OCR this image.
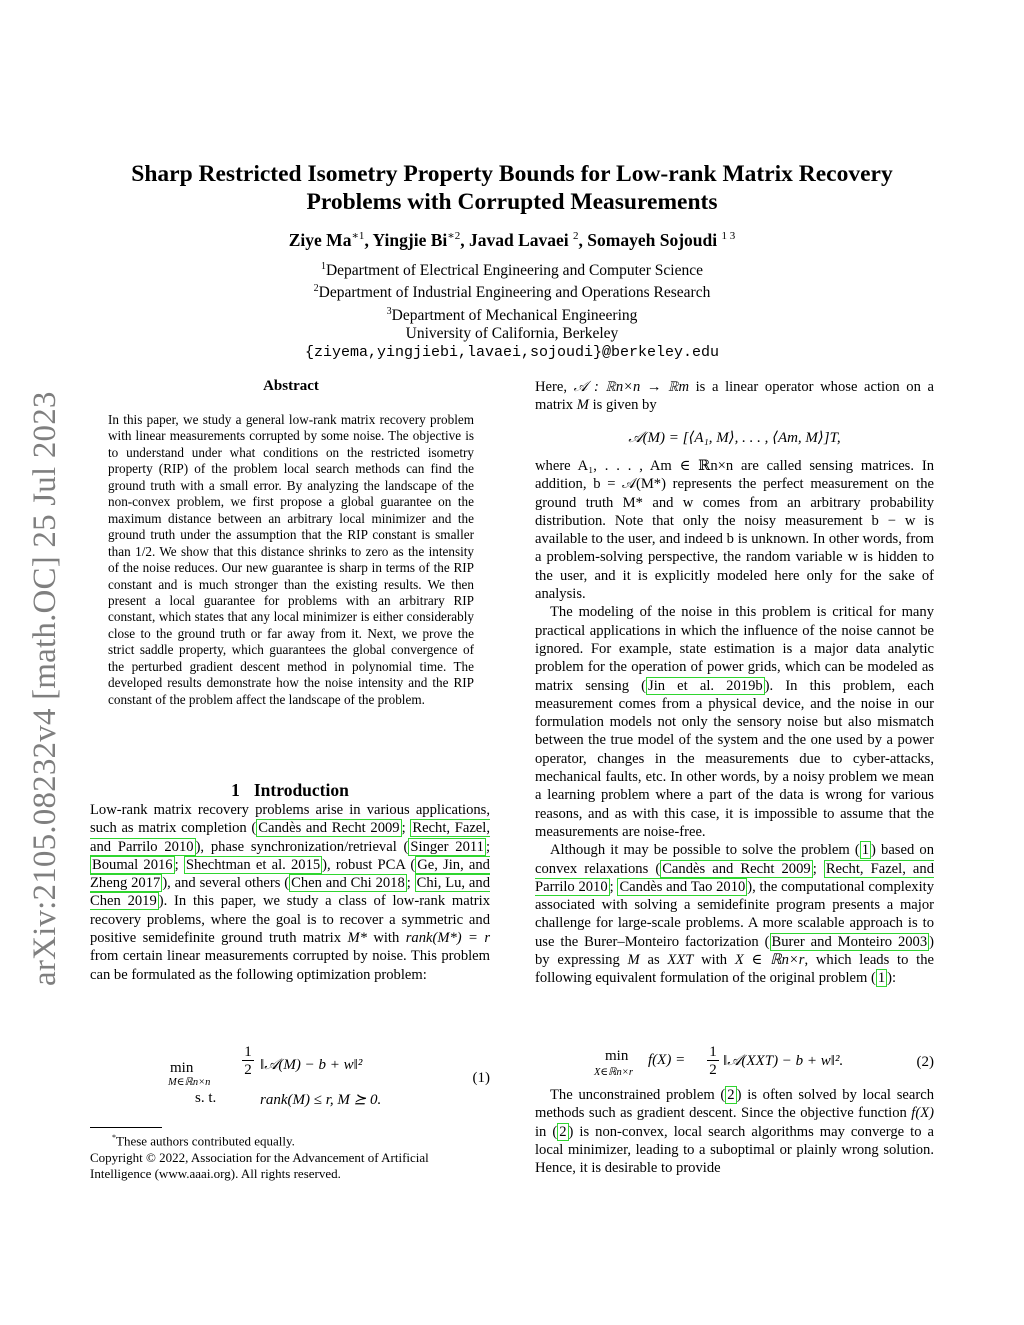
arXiv:2105.08232v4 [math.OC] 25 Jul 2023
Sharp Restricted Isometry Property Bounds for Low-rank Matrix Recovery
Problems with Corrupted Measurements
Ziye $Ma^{∗1}$, Yingjie $Bi^{∗2}$, Javad Lavaei $^2$, Somayeh Sojoudi $^{1 3}$
$^1$Department of Electrical Engineering and Computer Science
$^2$Department of Industrial Engineering and Operations Research
$^3$Department of Mechanical Engineering
University of California, Berkeley
{ziyema,yingjiebi,lavaei,sojoudi}@berkeley.edu
Abstract

In this paper, we study a general low-rank matrix recovery problem with linear measurements corrupted by some noise. The objective is to understand under what conditions on the restricted isometry property (RIP) of the problem local search methods can find the ground truth with a small error. By analyzing the landscape of the non-convex problem, we first propose a global guarantee on the maximum distance between an arbitrary local minimizer and the ground truth under the assumption that the RIP constant is smaller than 1/2. We show that this distance shrinks to zero as the intensity of the noise reduces. Our new guarantee is sharp in terms of the RIP constant and is much stronger than the existing results. We then present a local guarantee for problems with an arbitrary RIP constant, which states that any local minimizer is either considerably close to the ground truth or far away from it. Next, we prove the strict saddle property, which guarantees the global convergence of the perturbed gradient descent method in polynomial time. The developed results demonstrate how the noise intensity and the RIP constant of the problem affect the landscape of the problem.

1 Introduction

Low-rank matrix recovery problems arise in various applications, such as matrix completion ( Candès and Recht 2009 ; Recht, Fazel, and Parrilo 2010 ), phase synchronization/retrieval ( Singer 2011 ; Boumal 2016 ; Shechtman et al. 2015 ), robust PCA ( Ge, Jin, and Zheng 2017 ), and several others ( Chen and Chi 2018 ; Chi, Lu, and Chen 2019 ). In this paper, we study a class of low-rank matrix recovery problems, where the goal is to recover a symmetric and positive semidefinite ground truth matrix M* with rank(M*) = r from certain linear measurements corrupted by noise. This problem can be formulated as the following optimization problem:

min
M∈ℝn×n
$\frac{1}{2}$ ‖𝒜(M) − b + w‖²
s. t.	rank(M) ≤ r, M ⪰ 0.
(1)
*These authors contributed equally.
Copyright © 2022, Association for the Advancement of Artificial Intelligence (www.aaai.org). All rights reserved.

Here, 𝒜 : ℝn×n → ℝm is a linear operator whose action on a matrix M is given by

𝒜(M) = [⟨A₁, M⟩, . . . , ⟨Am, M⟩]T,

where A₁, . . . , Am ∈ ℝn×n are called sensing matrices. In addition, b = 𝒜(M*) represents the perfect measurement on the ground truth M* and w comes from an arbitrary probability distribution. Note that only the noisy measurement b − w is available to the user, and indeed b is unknown. In other words, from a problem-solving perspective, the random variable w is hidden to the user, and it is explicitly modeled here only for the sake of analysis.

The modeling of the noise in this problem is critical for many practical applications in which the influence of the noise cannot be ignored. For example, state estimation is a major data analytic problem for the operation of power grids, which can be modeled as matrix sensing ( Jin et al. 2019b ). In this problem, each measurement comes from a physical device, and the noise in our formulation models not only the sensory noise but also mismatch between the true model of the system and the one used by a power operator, changes in the measurements due to cyber-attacks, mechanical faults, etc. In other words, by a noisy problem we mean a learning problem where a part of the data is wrong for various reasons, and as with this case, it is impossible to assume that the measurements are noise-free.

Although it may be possible to solve the problem ( 1 ) based on convex relaxations ( Candès and Recht 2009 ; Recht, Fazel, and Parrilo 2010 ; Candès and Tao 2010 ), the computational complexity associated with solving a semidefinite program presents a major challenge for large-scale problems. A more scalable approach is to use the Burer–Monteiro factorization ( Burer and Monteiro 2003 ) by expressing M as XXT with X ∈ ℝn×r, which leads to the following equivalent formulation of the original problem ( 1 ):

min
X∈ℝn×r
$f(X) = \frac{1}{2}$ ‖𝒜(XXT) − b + w‖².	(2)

The unconstrained problem ( 2 ) is often solved by local search methods such as gradient descent. Since the objective function f(X) in ( 2 ) is non-convex, local search algorithms may converge to a local minimizer, leading to a suboptimal or plainly wrong solution. Hence, it is desirable to provide
